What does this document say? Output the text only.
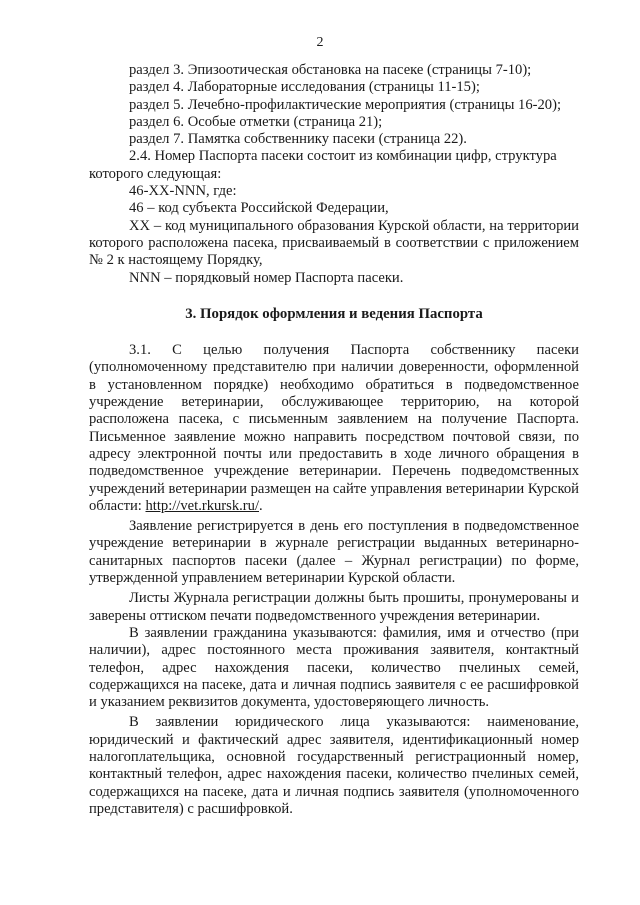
2
раздел 3. Эпизоотическая обстановка на пасеке (страницы 7-10);
раздел 4. Лабораторные исследования (страницы 11-15);
раздел 5. Лечебно-профилактические мероприятия (страницы 16-20);
раздел 6. Особые отметки (страница 21);
раздел 7. Памятка собственнику пасеки (страница 22).
2.4. Номер Паспорта пасеки состоит из комбинации цифр, структура
которого следующая:
46-XX-NNN, где:
46 – код субъекта Российской Федерации,

XX – код муниципального образования Курской области, на территории которого расположена пасека, присваиваемый в соответствии с приложением № 2 к настоящему Порядку,

NNN – порядковый номер Паспорта пасеки.
3. Порядок оформления и ведения Паспорта

3.1. С целью получения Паспорта собственнику пасеки (уполномоченному представителю при наличии доверенности, оформленной в установленном порядке) необходимо обратиться в подведомственное учреждение ветеринарии, обслуживающее территорию, на которой расположена пасека, с письменным заявлением на получение Паспорта. Письменное заявление можно направить посредством почтовой связи, по адресу электронной почты или предоставить в ходе личного обращения в подведомственное учреждение ветеринарии. Перечень подведомственных учреждений ветеринарии размещен на сайте управления ветеринарии Курской области: http://vet.rkursk.ru/.

Заявление регистрируется в день его поступления в подведомственное учреждение ветеринарии в журнале регистрации выданных ветеринарно-санитарных паспортов пасеки (далее – Журнал регистрации) по форме, утвержденной управлением ветеринарии Курской области.

Листы Журнала регистрации должны быть прошиты, пронумерованы и заверены оттиском печати подведомственного учреждения ветеринарии.

В заявлении гражданина указываются: фамилия, имя и отчество (при наличии), адрес постоянного места проживания заявителя, контактный телефон, адрес нахождения пасеки, количество пчелиных семей, содержащихся на пасеке, дата и личная подпись заявителя с ее расшифровкой и указанием реквизитов документа, удостоверяющего личность.

В заявлении юридического лица указываются: наименование, юридический и фактический адрес заявителя, идентификационный номер налогоплательщика, основной государственный регистрационный номер, контактный телефон, адрес нахождения пасеки, количество пчелиных семей, содержащихся на пасеке, дата и личная подпись заявителя (уполномоченного представителя) с расшифровкой.
